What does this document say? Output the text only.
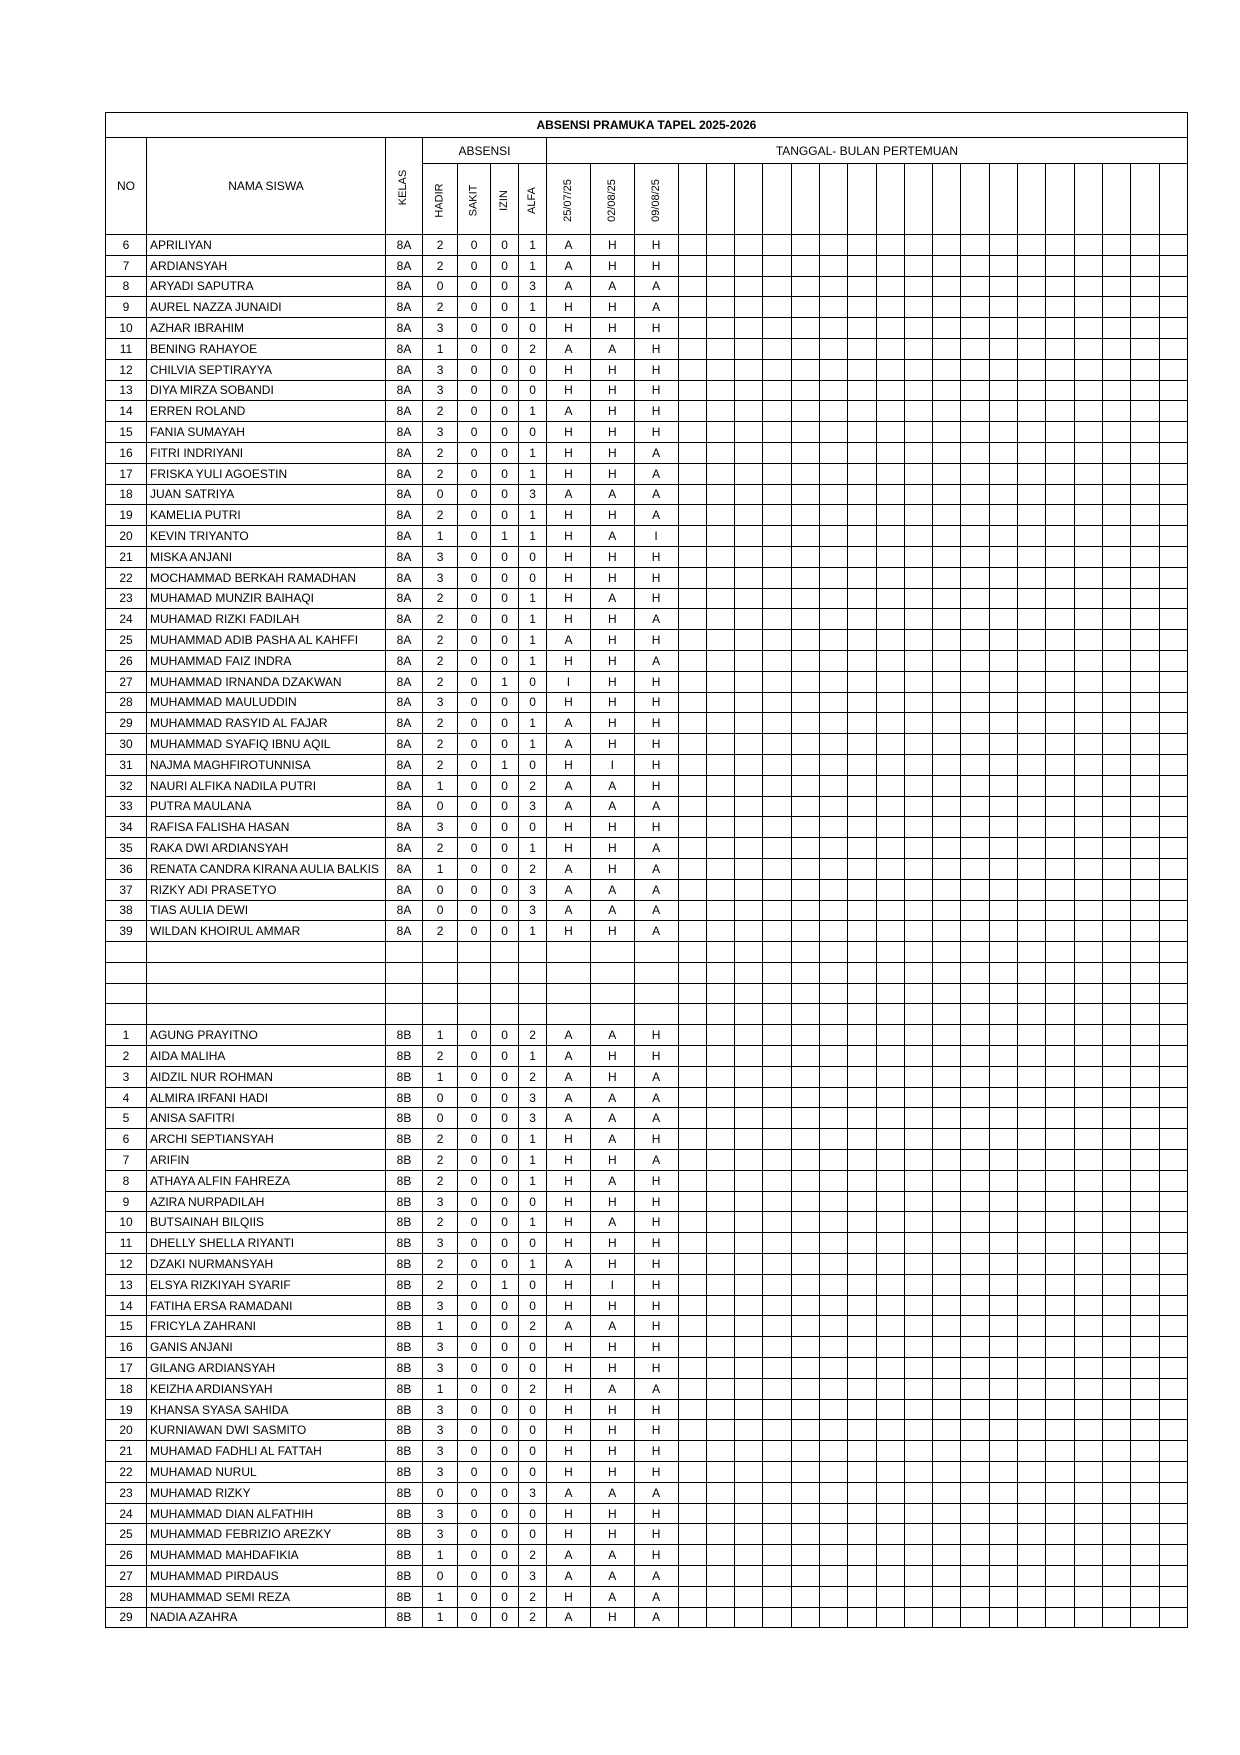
ABSENSI PRAMUKA TAPEL 2025-2026																											
NO	NAMA SISWA	KELAS	ABSENSI				TANGGAL- BULAN PERTEMUAN																				
			HADIR	SAKIT	IZIN	ALFA	25/07/25	02/08/25	09/08/25																		
6	APRILIYAN	8A	2	0	0	1	A	H	H																		
7	ARDIANSYAH	8A	2	0	0	1	A	H	H																		
8	ARYADI SAPUTRA	8A	0	0	0	3	A	A	A																		
9	AUREL NAZZA JUNAIDI	8A	2	0	0	1	H	H	A																		
10	AZHAR IBRAHIM	8A	3	0	0	0	H	H	H																		
11	BENING RAHAYOE	8A	1	0	0	2	A	A	H																		
12	CHILVIA SEPTIRAYYA	8A	3	0	0	0	H	H	H																		
13	DIYA MIRZA SOBANDI	8A	3	0	0	0	H	H	H																		
14	ERREN ROLAND	8A	2	0	0	1	A	H	H																		
15	FANIA SUMAYAH	8A	3	0	0	0	H	H	H																		
16	FITRI INDRIYANI	8A	2	0	0	1	H	H	A																		
17	FRISKA YULI AGOESTIN	8A	2	0	0	1	H	H	A																		
18	JUAN SATRIYA	8A	0	0	0	3	A	A	A																		
19	KAMELIA PUTRI	8A	2	0	0	1	H	H	A																		
20	KEVIN TRIYANTO	8A	1	0	1	1	H	A	I																		
21	MISKA ANJANI	8A	3	0	0	0	H	H	H																		
22	MOCHAMMAD BERKAH RAMADHAN	8A	3	0	0	0	H	H	H																		
23	MUHAMAD MUNZIR BAIHAQI	8A	2	0	0	1	H	A	H																		
24	MUHAMAD RIZKI FADILAH	8A	2	0	0	1	H	H	A																		
25	MUHAMMAD ADIB PASHA AL KAHFFI	8A	2	0	0	1	A	H	H																		
26	MUHAMMAD FAIZ INDRA	8A	2	0	0	1	H	H	A																		
27	MUHAMMAD IRNANDA DZAKWAN	8A	2	0	1	0	I	H	H																		
28	MUHAMMAD MAULUDDIN	8A	3	0	0	0	H	H	H																		
29	MUHAMMAD RASYID AL FAJAR	8A	2	0	0	1	A	H	H																		
30	MUHAMMAD SYAFIQ IBNU AQIL	8A	2	0	0	1	A	H	H																		
31	NAJMA MAGHFIROTUNNISA	8A	2	0	1	0	H	I	H																		
32	NAURI ALFIKA NADILA PUTRI	8A	1	0	0	2	A	A	H																		
33	PUTRA MAULANA	8A	0	0	0	3	A	A	A																		
34	RAFISA FALISHA HASAN	8A	3	0	0	0	H	H	H																		
35	RAKA DWI ARDIANSYAH	8A	2	0	0	1	H	H	A																		
36	RENATA CANDRA KIRANA AULIA BALKIS	8A	1	0	0	2	A	H	A																		
37	RIZKY ADI PRASETYO	8A	0	0	0	3	A	A	A																		
38	TIAS AULIA DEWI	8A	0	0	0	3	A	A	A																		
39	WILDAN KHOIRUL AMMAR	8A	2	0	0	1	H	H	A																		

1	AGUNG PRAYITNO	8B	1	0	0	2	A	A	H																		
2	AIDA MALIHA	8B	2	0	0	1	A	H	H																		
3	AIDZIL NUR ROHMAN	8B	1	0	0	2	A	H	A																		
4	ALMIRA IRFANI HADI	8B	0	0	0	3	A	A	A																		
5	ANISA SAFITRI	8B	0	0	0	3	A	A	A																		
6	ARCHI SEPTIANSYAH	8B	2	0	0	1	H	A	H																		
7	ARIFIN	8B	2	0	0	1	H	H	A																		
8	ATHAYA ALFIN FAHREZA	8B	2	0	0	1	H	A	H																		
9	AZIRA NURPADILAH	8B	3	0	0	0	H	H	H																		
10	BUTSAINAH BILQIIS	8B	2	0	0	1	H	A	H																		
11	DHELLY SHELLA RIYANTI	8B	3	0	0	0	H	H	H																		
12	DZAKI NURMANSYAH	8B	2	0	0	1	A	H	H																		
13	ELSYA RIZKIYAH SYARIF	8B	2	0	1	0	H	I	H																		
14	FATIHA ERSA RAMADANI	8B	3	0	0	0	H	H	H																		
15	FRICYLA ZAHRANI	8B	1	0	0	2	A	A	H																		
16	GANIS ANJANI	8B	3	0	0	0	H	H	H																		
17	GILANG ARDIANSYAH	8B	3	0	0	0	H	H	H																		
18	KEIZHA ARDIANSYAH	8B	1	0	0	2	H	A	A																		
19	KHANSA SYASA SAHIDA	8B	3	0	0	0	H	H	H																		
20	KURNIAWAN DWI SASMITO	8B	3	0	0	0	H	H	H																		
21	MUHAMAD FADHLI AL FATTAH	8B	3	0	0	0	H	H	H																		
22	MUHAMAD NURUL	8B	3	0	0	0	H	H	H																		
23	MUHAMAD RIZKY	8B	0	0	0	3	A	A	A																		
24	MUHAMMAD DIAN ALFATHIH	8B	3	0	0	0	H	H	H																		
25	MUHAMMAD FEBRIZIO AREZKY	8B	3	0	0	0	H	H	H																		
26	MUHAMMAD MAHDAFIKIA	8B	1	0	0	2	A	A	H																		
27	MUHAMMAD PIRDAUS	8B	0	0	0	3	A	A	A																		
28	MUHAMMAD SEMI REZA	8B	1	0	0	2	H	A	A																		
29	NADIA AZAHRA	8B	1	0	0	2	A	H	A																		
